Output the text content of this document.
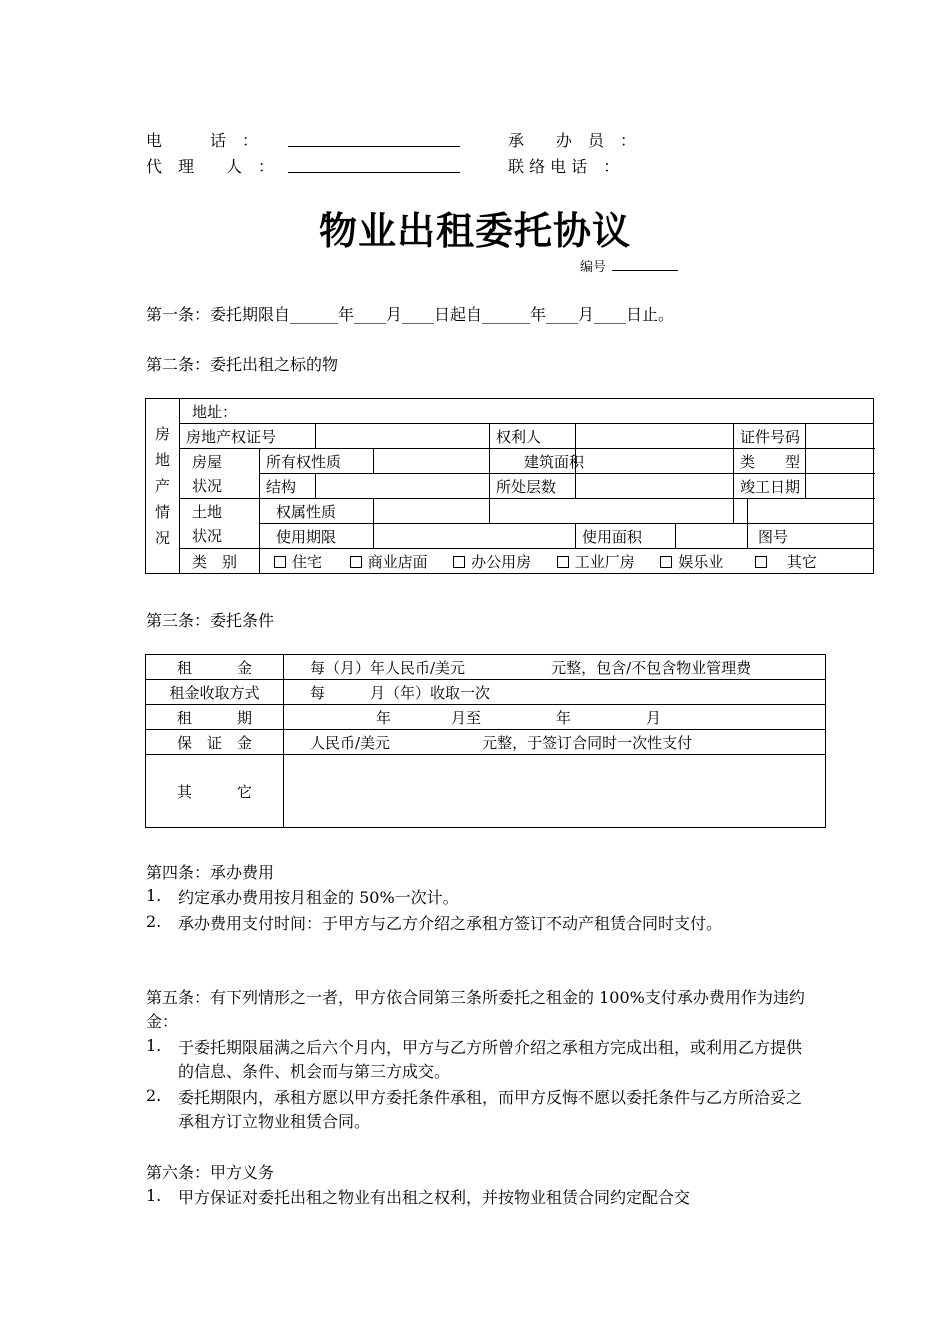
电　　　话　：	承　　办　员　：
代　理　　人　：	联 络 电 话　：
物业出租委托协议
编号
第一条：委托期限自______年____月____日起自______年____月____日止。
第二条：委托出租之标的物
房地产情况	地址：										
	房地产权证号				权利人			证件号码			
	房屋	所有权性质			建筑面积			类　　型			
	状况	结构			所处层数			竣工日期			
	土地	权属性质									
	状况	使用期限				使用面积			图号		
	类　别	住宅 商业店面 办公用房 工业厂房 娱乐业 其它									
第三条：委托条件
租　　　金	每（月）年人民币/美元 元整，包含/不包含物业管理费
租金收取方式	每　　　月（年）收取一次
租　　　期	年　　　　月至　　　　　年　　　　　月
保　证　金	人民币/美元 元整，于签订合同时一次性支付
其　　　它	
第四条：承办费用
1. 约定承办费用按月租金的 50%一次计。
2. 承办费用支付时间：于甲方与乙方介绍之承租方签订不动产租赁合同时支付。
第五条：有下列情形之一者，甲方依合同第三条所委托之租金的 100%支付承办费用作为违约金：
1. 于委托期限届满之后六个月内，甲方与乙方所曾介绍之承租方完成出租，或利用乙方提供的信息、条件、机会而与第三方成交。
2. 委托期限内，承租方愿以甲方委托条件承租，而甲方反悔不愿以委托条件与乙方所洽妥之承租方订立物业租赁合同。
第六条：甲方义务
1. 甲方保证对委托出租之物业有出租之权利，并按物业租赁合同约定配合交
